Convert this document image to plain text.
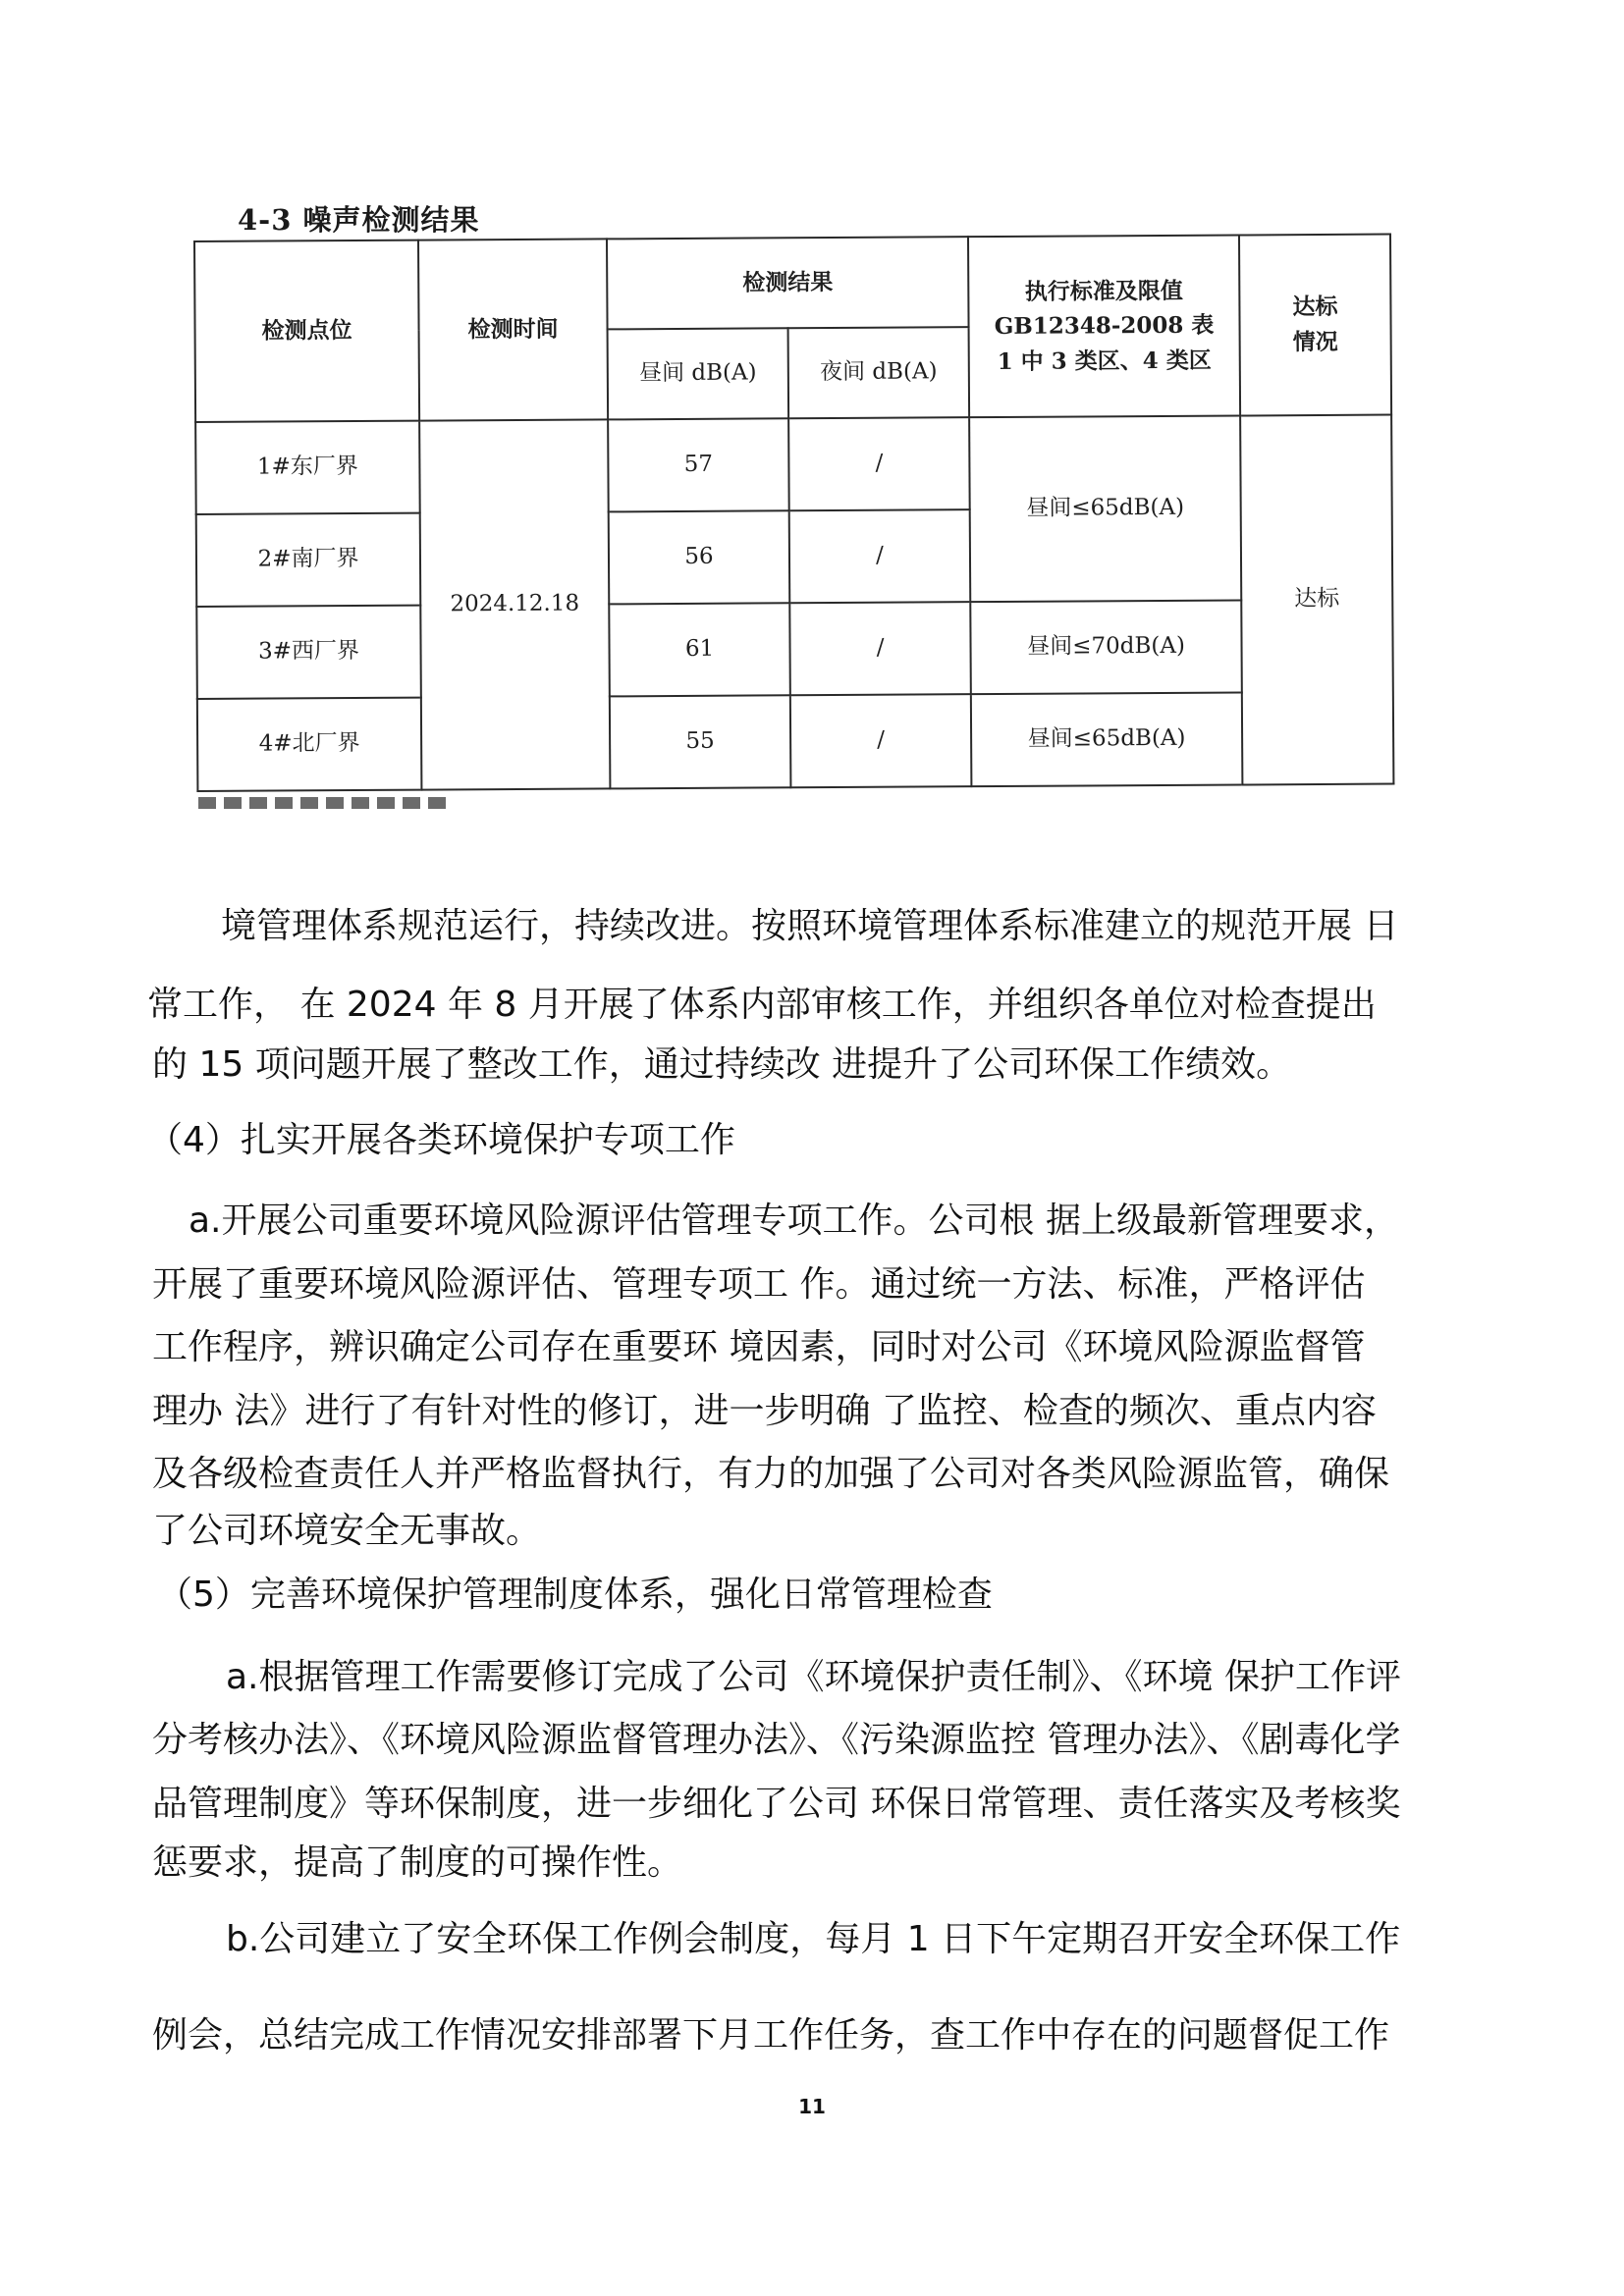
4-3 噪声检测结果
检测点位	检测时间	检测结果		执行标准及限值 GB12348-2008 表 1 中 3 类区、4 类区	达标 情况
		昼间 dB(A)	夜间 dB(A)		
1#东厂界	2024.12.18	57	/	昼间≤65dB(A)	达标
2#南厂界		56	/		
3#西厂界		61	/	昼间≤70dB(A)	
4#北厂界		55	/	昼间≤65dB(A)	

境管理体系规范运行，持续改进。按照环境管理体系标准建立的规范开展 日

常工作， 在 2024 年 8 月开展了体系内部审核工作，并组织各单位对检查提出

的 15 项问题开展了整改工作，通过持续改 进提升了公司环保工作绩效。

（4）扎实开展各类环境保护专项工作

a.开展公司重要环境风险源评估管理专项工作。公司根 据上级最新管理要求，

开展了重要环境风险源评估、管理专项工 作。通过统一方法、标准，严格评估

工作程序，辨识确定公司存在重要环 境因素，同时对公司《环境风险源监督管

理办 法》进行了有针对性的修订，进一步明确 了监控、检查的频次、重点内容

及各级检查责任人并严格监督执行，有力的加强了公司对各类风险源监管，确保

了公司环境安全无事故。

（5）完善环境保护管理制度体系，强化日常管理检查

a.根据管理工作需要修订完成了公司《环境保护责任制》、《环境 保护工作评

分考核办法》、《环境风险源监督管理办法》、《污染源监控 管理办法》、《剧毒化学

品管理制度》等环保制度，进一步细化了公司 环保日常管理、责任落实及考核奖

惩要求，提高了制度的可操作性。

b.公司建立了安全环保工作例会制度，每月 1 日下午定期召开安全环保工作

例会，总结完成工作情况安排部署下月工作任务，查工作中存在的问题督促工作

11
